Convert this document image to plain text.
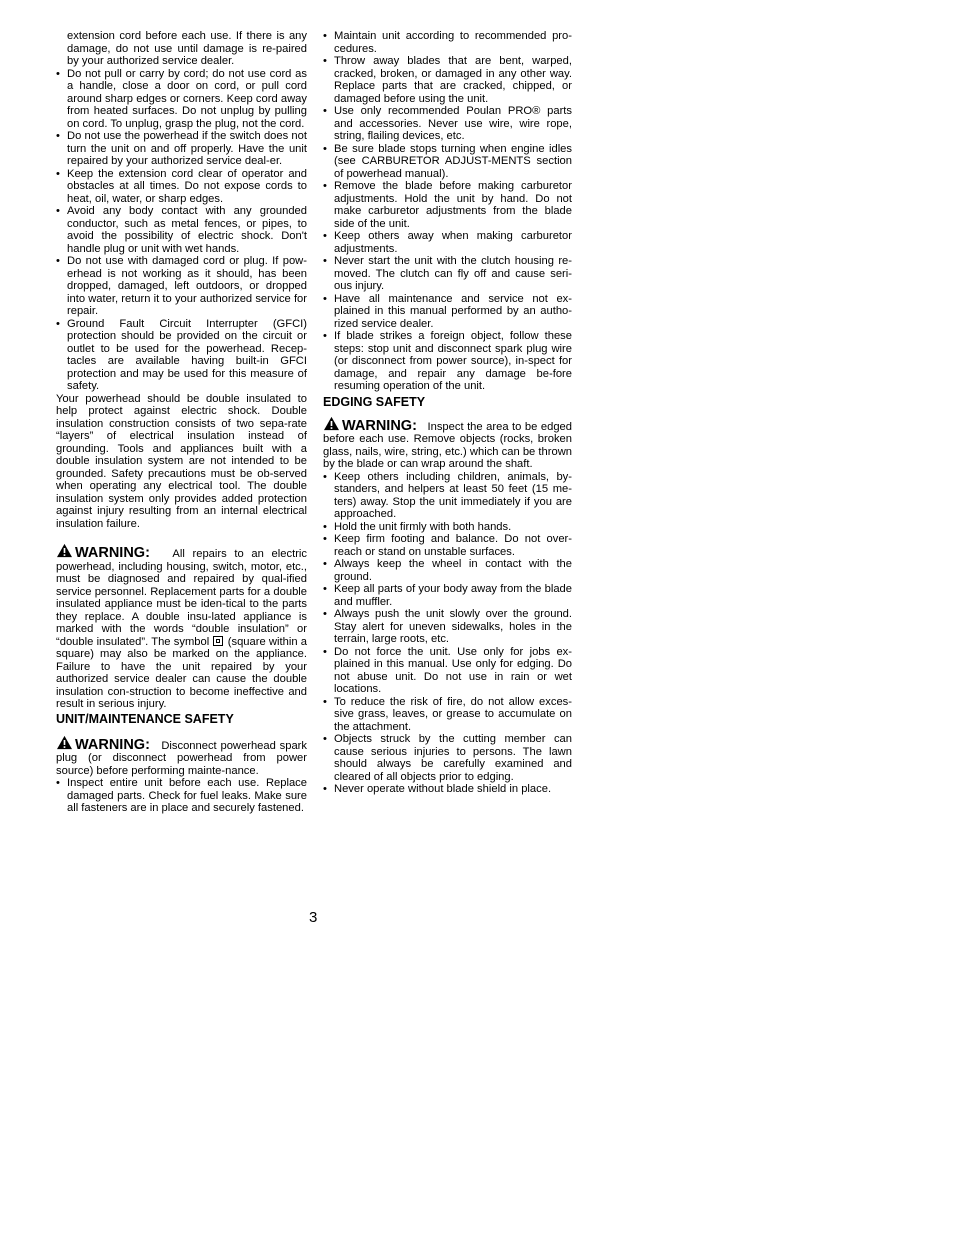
extension cord before each use. If there is any damage, do not use until damage is re-paired by your authorized service dealer.

• Do not pull or carry by cord; do not use cord as a handle, close a door on cord, or pull cord around sharp edges or corners. Keep cord away from heated surfaces. Do not unplug by pulling on cord. To unplug, grasp the plug, not the cord.

• Do not use the powerhead if the switch does not turn the unit on and off properly. Have the unit repaired by your authorized service deal-er.

• Keep the extension cord clear of operator and obstacles at all times. Do not expose cords to heat, oil, water, or sharp edges.

• Avoid any body contact with any grounded conductor, such as metal fences, or pipes, to avoid the possibility of electric shock. Don't handle plug or unit with wet hands.

• Do not use with damaged cord or plug. If pow-erhead is not working as it should, has been dropped, damaged, left outdoors, or dropped into water, return it to your authorized service for repair.

• Ground Fault Circuit Interrupter (GFCI) protection should be provided on the circuit or outlet to be used for the powerhead. Recep-tacles are available having built-in GFCI protection and may be used for this measure of safety.

Your powerhead should be double insulated to help protect against electric shock. Double insulation construction consists of two sepa-rate “layers” of electrical insulation instead of grounding. Tools and appliances built with a double insulation system are not intended to be grounded. Safety precautions must be ob-served when operating any electrical tool. The double insulation system only provides added protection against injury resulting from an internal electrical insulation failure.

WARNING: All repairs to an electric powerhead, including housing, switch, motor, etc., must be diagnosed and repaired by qual-ified service personnel. Replacement parts for a double insulated appliance must be iden-tical to the parts they replace. A double insu-lated appliance is marked with the words “double insulation” or “double insulated”. The symbol (square within a square) may also be marked on the appliance. Failure to have the unit repaired by your authorized service dealer can cause the double insulation con-struction to become ineffective and result in serious injury.

UNIT/MAINTENANCE SAFETY

WARNING: Disconnect powerhead spark plug (or disconnect powerhead from power source) before performing mainte-nance.

• Inspect entire unit before each use. Replace damaged parts. Check for fuel leaks. Make sure all fasteners are in place and securely fastened.

• Maintain unit according to recommended pro-cedures.

• Throw away blades that are bent, warped, cracked, broken, or damaged in any other way. Replace parts that are cracked, chipped, or damaged before using the unit.

• Use only recommended Poulan PRO® parts and accessories. Never use wire, wire rope, string, flailing devices, etc.

• Be sure blade stops turning when engine idles (see CARBURETOR ADJUST-MENTS section of powerhead manual).

• Remove the blade before making carburetor adjustments. Hold the unit by hand. Do not make carburetor adjustments from the blade side of the unit.

• Keep others away when making carburetor adjustments.

• Never start the unit with the clutch housing re-moved. The clutch can fly off and cause seri-ous injury.

• Have all maintenance and service not ex-plained in this manual performed by an autho-rized service dealer.

• If blade strikes a foreign object, follow these steps: stop unit and disconnect spark plug wire (or disconnect from power source), in-spect for damage, and repair any damage be-fore resuming operation of the unit.

EDGING SAFETY

WARNING: Inspect the area to be edged before each use. Remove objects (rocks, broken glass, nails, wire, string, etc.) which can be thrown by the blade or can wrap around the shaft.

• Keep others including children, animals, by-standers, and helpers at least 50 feet (15 me-ters) away. Stop the unit immediately if you are approached.

• Hold the unit firmly with both hands.

• Keep firm footing and balance. Do not over-reach or stand on unstable surfaces.

• Always keep the wheel in contact with the ground.

• Keep all parts of your body away from the blade and muffler.

• Always push the unit slowly over the ground. Stay alert for uneven sidewalks, holes in the terrain, large roots, etc.

• Do not force the unit. Use only for jobs ex-plained in this manual. Use only for edging. Do not abuse unit. Do not use in rain or wet locations.

• To reduce the risk of fire, do not allow exces-sive grass, leaves, or grease to accumulate on the attachment.

• Objects struck by the cutting member can cause serious injuries to persons. The lawn should always be carefully examined and cleared of all objects prior to edging.

• Never operate without blade shield in place.

3
